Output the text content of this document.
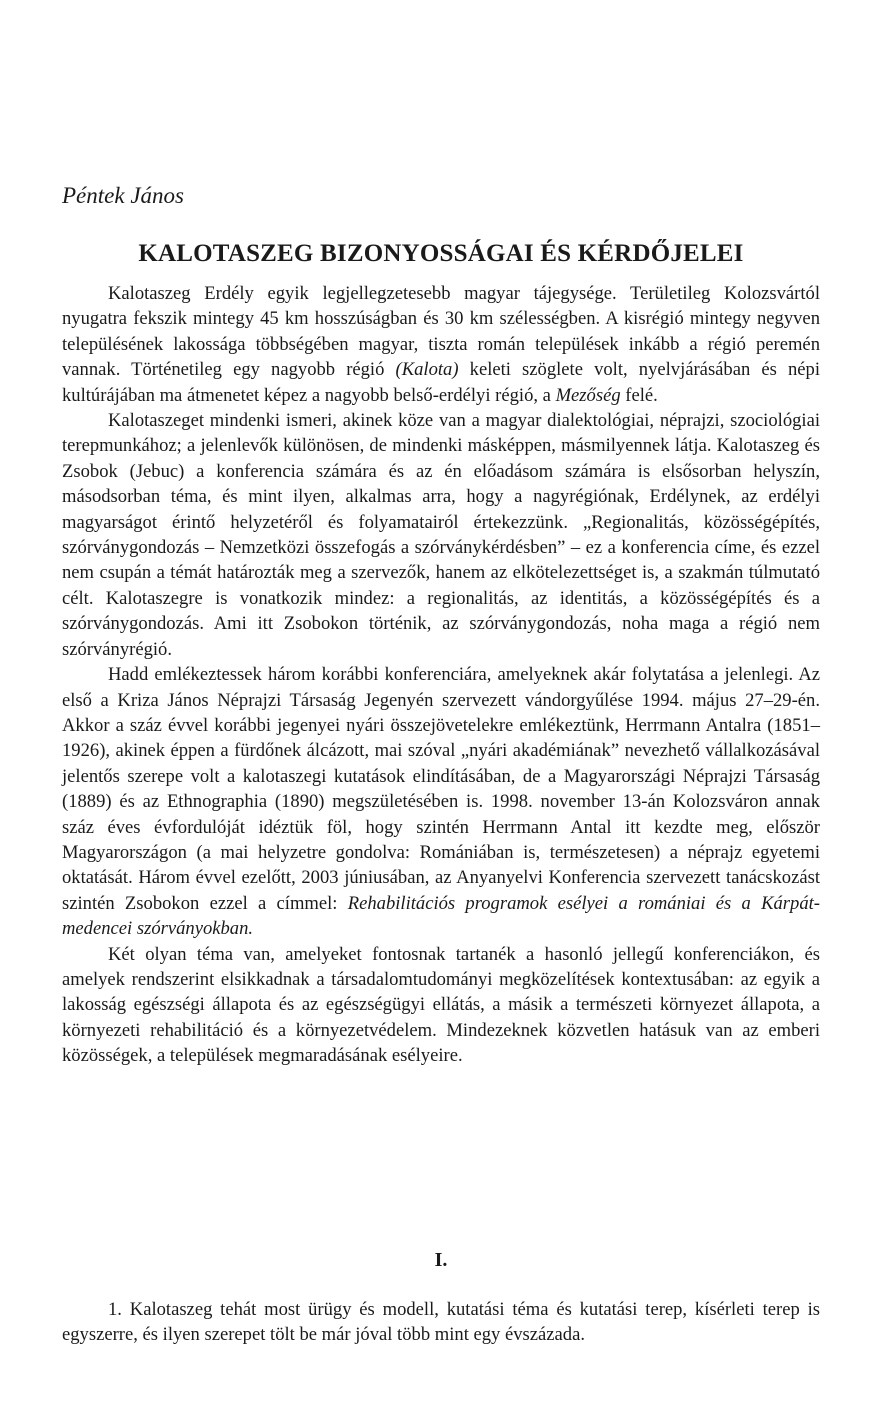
Péntek János

KALOTASZEG BIZONYOSSÁGAI ÉS KÉRDŐJELEI

Kalotaszeg Erdély egyik legjellegzetesebb magyar tájegysége. Területileg Kolozsvártól nyugatra fekszik mintegy 45 km hosszúságban és 30 km szélességben. A kisrégió mintegy negyven településének lakossága többségében magyar, tiszta román települések inkább a régió peremén vannak. Történetileg egy nagyobb régió (Kalota) keleti szöglete volt, nyelvjárásában és népi kultúrájában ma átmenetet képez a nagyobb belső-erdélyi régió, a Mezőség felé.

Kalotaszeget mindenki ismeri, akinek köze van a magyar dialektológiai, néprajzi, szociológiai terepmunkához; a jelenlevők különösen, de mindenki másképpen, másmilyennek látja. Kalotaszeg és Zsobok (Jebuc) a konferencia számára és az én előadásom számára is elsősorban helyszín, másodsorban téma, és mint ilyen, alkalmas arra, hogy a nagyrégiónak, Erdélynek, az erdélyi magyarságot érintő helyzetéről és folyamatairól értekezzünk. „Regionalitás, közösségépítés, szórványgondozás – Nemzetközi összefogás a szórványkérdésben” – ez a konferencia címe, és ezzel nem csupán a témát határozták meg a szervezők, hanem az elkötelezettséget is, a szakmán túlmutató célt. Kalotaszegre is vonatkozik mindez: a regionalitás, az identitás, a közösségépítés és a szórványgondozás. Ami itt Zsobokon történik, az szórványgondozás, noha maga a régió nem szórványrégió.

Hadd emlékeztessek három korábbi konferenciára, amelyeknek akár folytatása a jelenlegi. Az első a Kriza János Néprajzi Társaság Jegenyén szervezett vándorgyűlése 1994. május 27–29-én. Akkor a száz évvel korábbi jegenyei nyári összejövetelekre emlékeztünk, Herrmann Antalra (1851–1926), akinek éppen a fürdőnek álcázott, mai szóval „nyári akadémiának” nevezhető vállalkozásával jelentős szerepe volt a kalotaszegi kutatások elindításában, de a Magyarországi Néprajzi Társaság (1889) és az Ethnographia (1890) megszületésében is. 1998. november 13-án Kolozsváron annak száz éves évfordulóját idéztük föl, hogy szintén Herrmann Antal itt kezdte meg, először Magyarországon (a mai helyzetre gondolva: Romániában is, természetesen) a néprajz egyetemi oktatását. Három évvel ezelőtt, 2003 júniusában, az Anyanyelvi Konferencia szervezett tanácskozást szintén Zsobokon ezzel a címmel: Rehabilitációs programok esélyei a romániai és a Kárpát-medencei szórványokban.

Két olyan téma van, amelyeket fontosnak tartanék a hasonló jellegű konferenciákon, és amelyek rendszerint elsikkadnak a társadalomtudományi megközelítések kontextusában: az egyik a lakosság egészségi állapota és az egészségügyi ellátás, a másik a természeti környezet állapota, a környezeti rehabilitáció és a környezetvédelem. Mindezeknek közvetlen hatásuk van az emberi közösségek, a települések megmaradásának esélyeire.

I.

1. Kalotaszeg tehát most ürügy és modell, kutatási téma és kutatási terep, kísérleti terep is egyszerre, és ilyen szerepet tölt be már jóval több mint egy évszázada.
